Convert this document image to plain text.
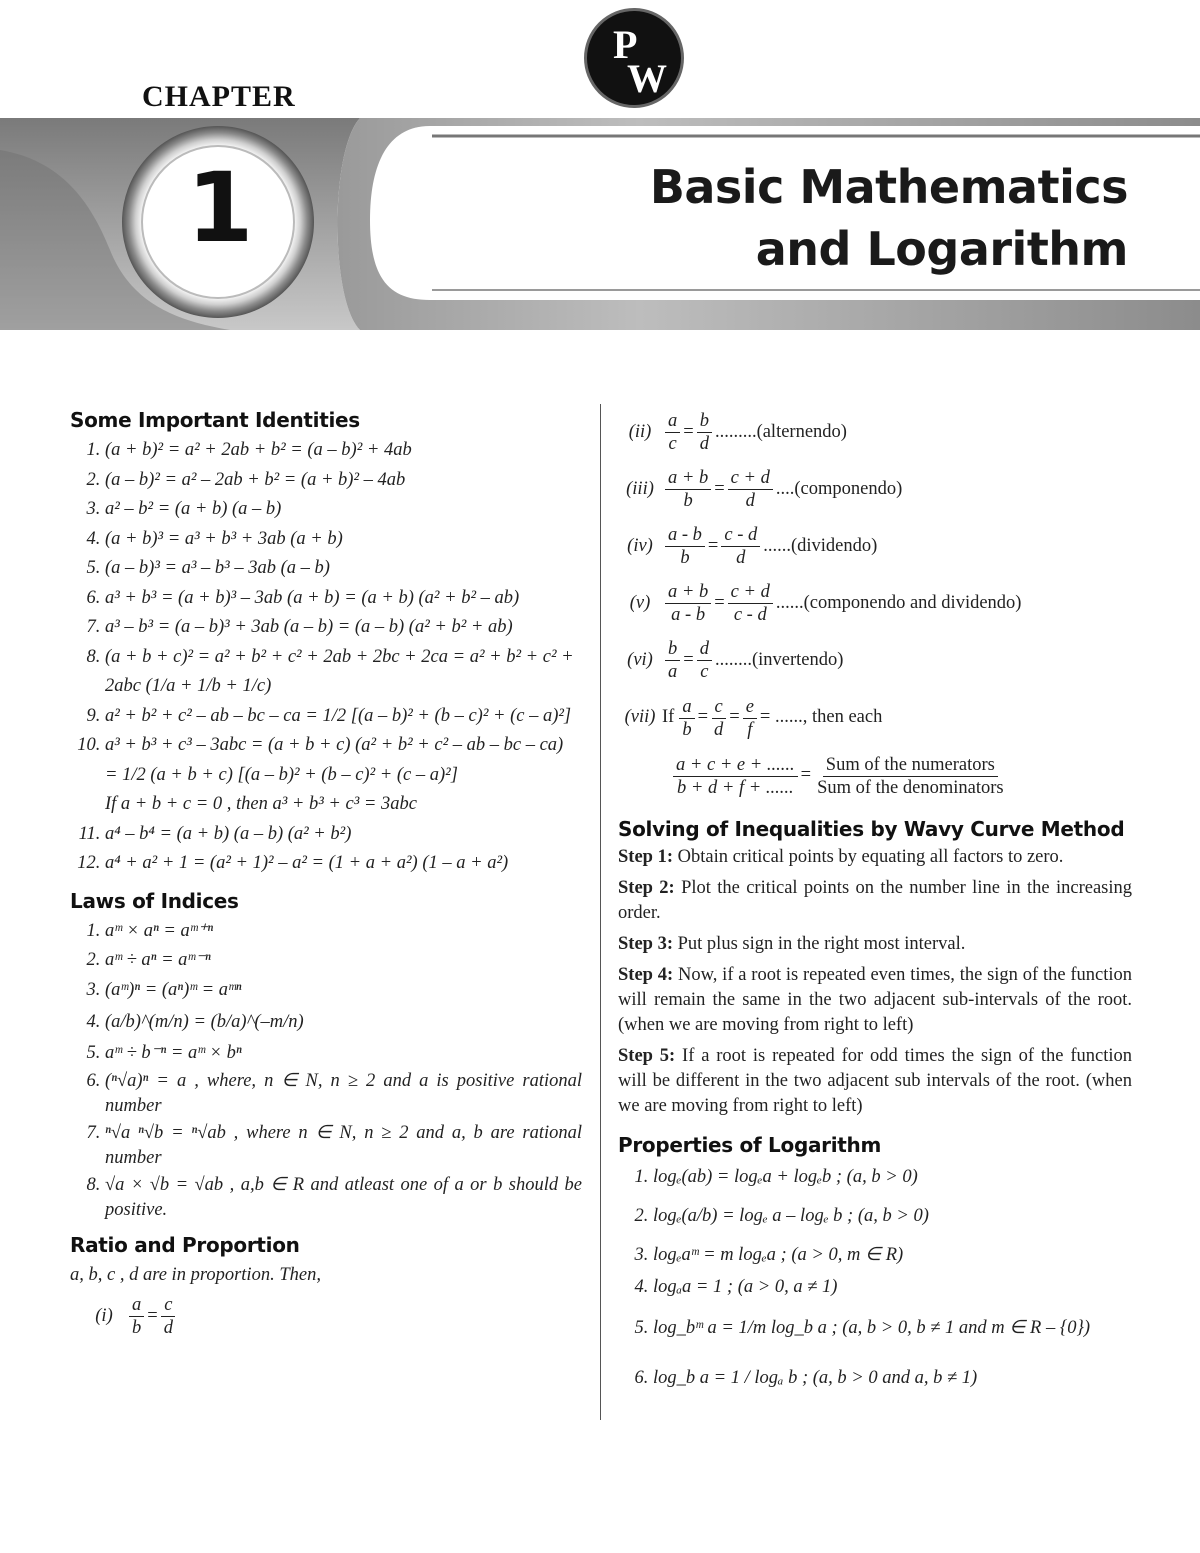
P
W
CHAPTER
1	Basic Mathematics
and Logarithm
Some Important Identities
1. (a + b)² = a² + 2ab + b² = (a – b)² + 4ab
2. (a – b)² = a² – 2ab + b² = (a + b)² – 4ab
3. a² – b² = (a + b) (a – b)
4. (a + b)³ = a³ + b³ + 3ab (a + b)
5. (a – b)³ = a³ – b³ – 3ab (a – b)
6. a³ + b³ = (a + b)³ – 3ab (a + b) = (a + b) (a² + b² – ab)
7. a³ – b³ = (a – b)³ + 3ab (a – b) = (a – b) (a² + b² + ab)
8. (a + b + c)² = a² + b² + c² + 2ab + 2bc + 2ca = a² + b² + c² + 2abc (1/a + 1/b + 1/c)
9. a² + b² + c² – ab – bc – ca = 1/2 [(a – b)² + (b – c)² + (c – a)²]
10. a³ + b³ + c³ – 3abc = (a + b + c) (a² + b² + c² – ab – bc – ca)
= 1/2 (a + b + c) [(a – b)² + (b – c)² + (c – a)²]
If a + b + c = 0 , then a³ + b³ + c³ = 3abc
11. a⁴ – b⁴ = (a + b) (a – b) (a² + b²)
12. a⁴ + a² + 1 = (a² + 1)² – a² = (1 + a + a²) (1 – a + a²)
Laws of Indices
1. aᵐ × aⁿ = aᵐ⁺ⁿ
2. aᵐ ÷ aⁿ = aᵐ⁻ⁿ
3. (aᵐ)ⁿ = (aⁿ)ᵐ = aᵐⁿ
4. (a/b)^(m/n) = (b/a)^(–m/n)
5. aᵐ ÷ b⁻ⁿ = aᵐ × bⁿ
6. (ⁿ√a)ⁿ = a , where, n ∈ N, n ≥ 2 and a is positive rational number
7. ⁿ√a ⁿ√b = ⁿ√ab , where n ∈ N, n ≥ 2 and a, b are rational number
8. √a × √b = √ab , a,b ∈ R and atleast one of a or b should be positive.
Ratio and Proportion

a, b, c , d are in proportion. Then,

$(i) \frac{a}{b} = \frac{c}{d}$
$(ii) \frac{a}{c} = \frac{b}{d}$ .........(alternendo)
$(iii) \frac{a + b}{b} = \frac{c + d}{d}$ ....(componendo)
$(iv) \frac{a - b}{b} = \frac{c - d}{d}$ ......(dividendo)
$(v) \frac{a + b}{a - b} = \frac{c + d}{c - d}$ ......(componendo and dividendo)
$(vi) \frac{b}{a} = \frac{d}{c}$ ........(invertendo)
(vii) If $\frac{a}{b} = \frac{c}{d} = \frac{e}{f}$ = ......, then each
$\frac{a + c + e + ......}{b + d + f + ......} = \frac{\text{Sum of the numerators}}{\text{Sum of the denominators}}$
Solving of Inequalities by Wavy Curve Method

Step 1: Obtain critical points by equating all factors to zero.

Step 2: Plot the critical points on the number line in the increasing order.

Step 3: Put plus sign in the right most interval.

Step 4: Now, if a root is repeated even times, the sign of the function will remain the same in the two adjacent sub-intervals of the root. (when we are moving from right to left)

Step 5: If a root is repeated for odd times the sign of the function will be different in the two adjacent sub intervals of the root. (when we are moving from right to left)

Properties of Logarithm
1. logₑ(ab) = logₑa + logₑb ; (a, b > 0)
2. logₑ(a/b) = logₑ a – logₑ b ; (a, b > 0)
3. logₑaᵐ = m logₑa ; (a > 0, m ∈ R)
4. logₐa = 1 ; (a > 0, a ≠ 1)
5. log_bᵐ a = 1/m log_b a ; (a, b > 0, b ≠ 1 and m ∈ R – {0})
6. log_b a = 1 / logₐ b ; (a, b > 0 and a, b ≠ 1)
